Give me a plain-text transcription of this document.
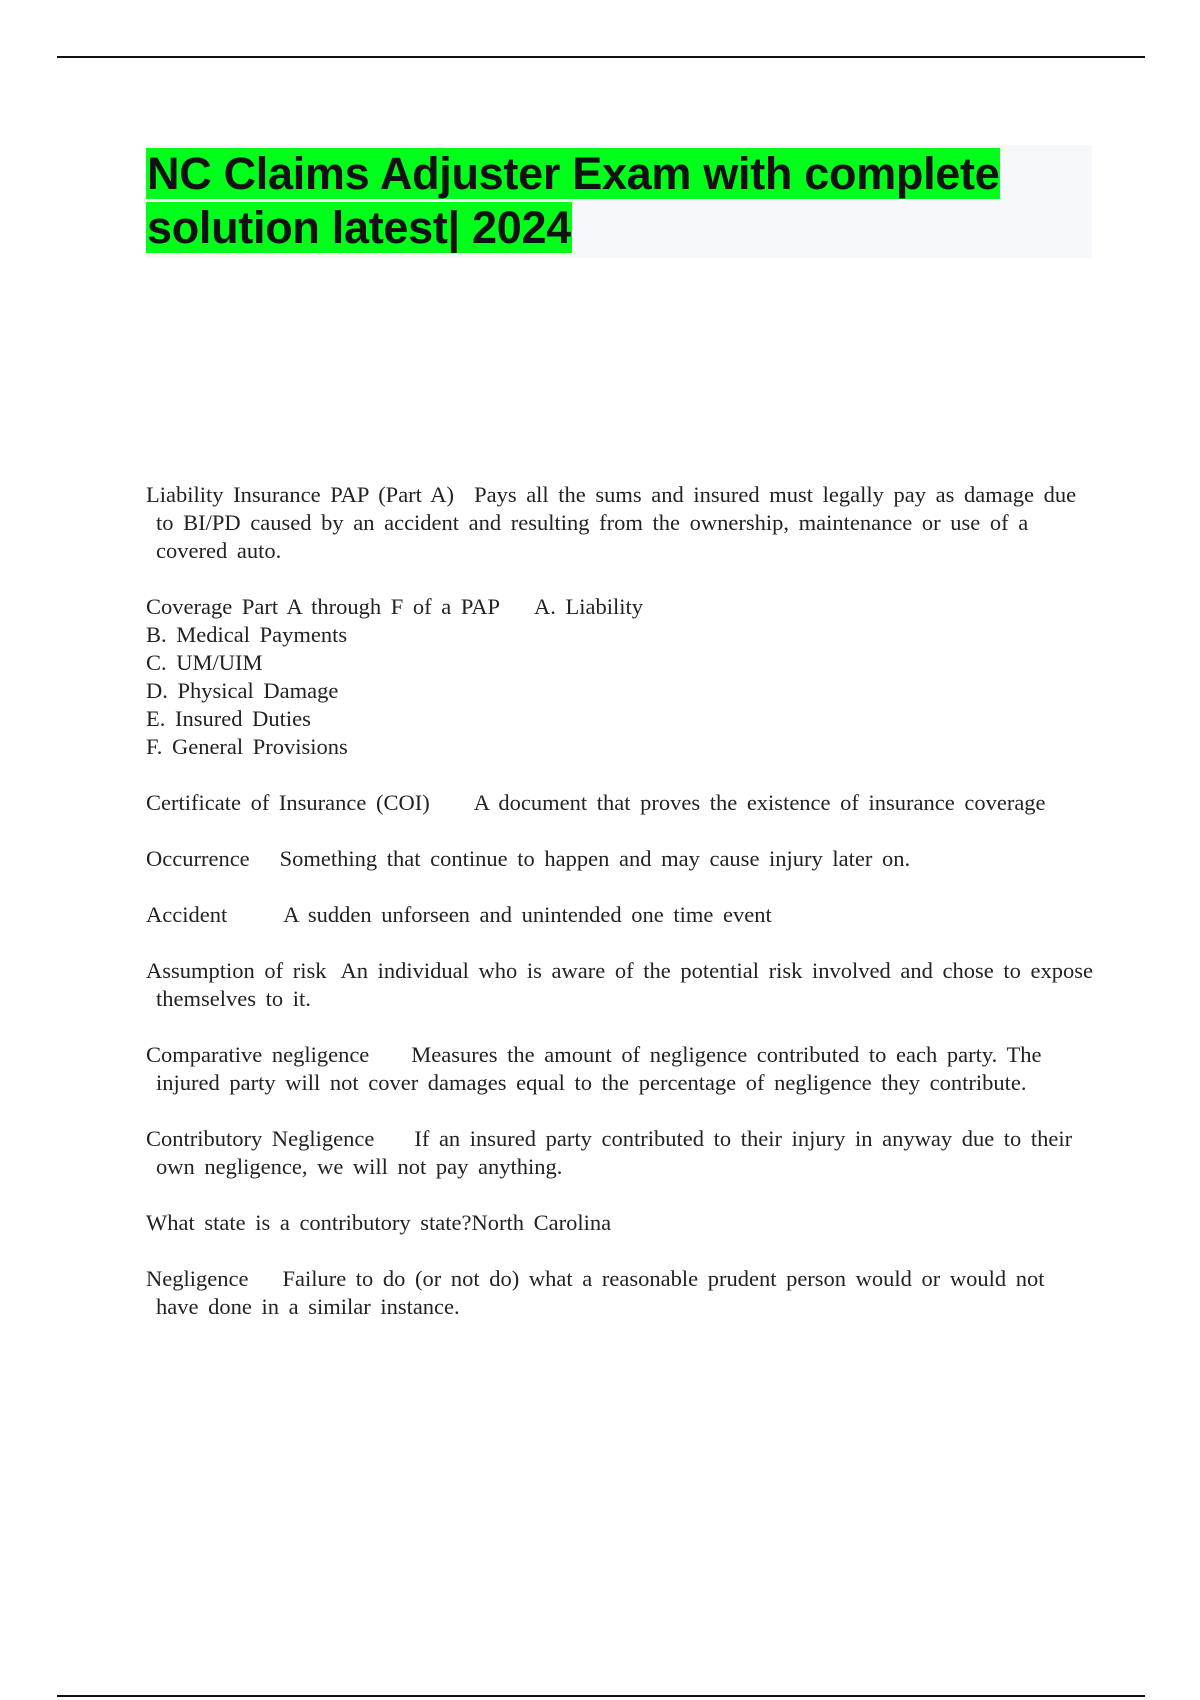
NC Claims Adjuster Exam with complete solution latest| 2024

Liability Insurance PAP (Part A) Pays all the sums and insured must legally pay as damage due to BI/PD caused by an accident and resulting from the ownership, maintenance or use of a covered auto.

Coverage Part A through F of a PAP A. Liability
B. Medical Payments
C. UM/UIM
D. Physical Damage
E. Insured Duties
F. General Provisions

Certificate of Insurance (COI) A document that proves the existence of insurance coverage

Occurrence Something that continue to happen and may cause injury later on.

Accident A sudden unforseen and unintended one time event

Assumption of risk An individual who is aware of the potential risk involved and chose to expose themselves to it.

Comparative negligence Measures the amount of negligence contributed to each party. The injured party will not cover damages equal to the percentage of negligence they contribute.

Contributory Negligence If an insured party contributed to their injury in anyway due to their own negligence, we will not pay anything.

What state is a contributory state?North Carolina

Negligence Failure to do (or not do) what a reasonable prudent person would or would not have done in a similar instance.
